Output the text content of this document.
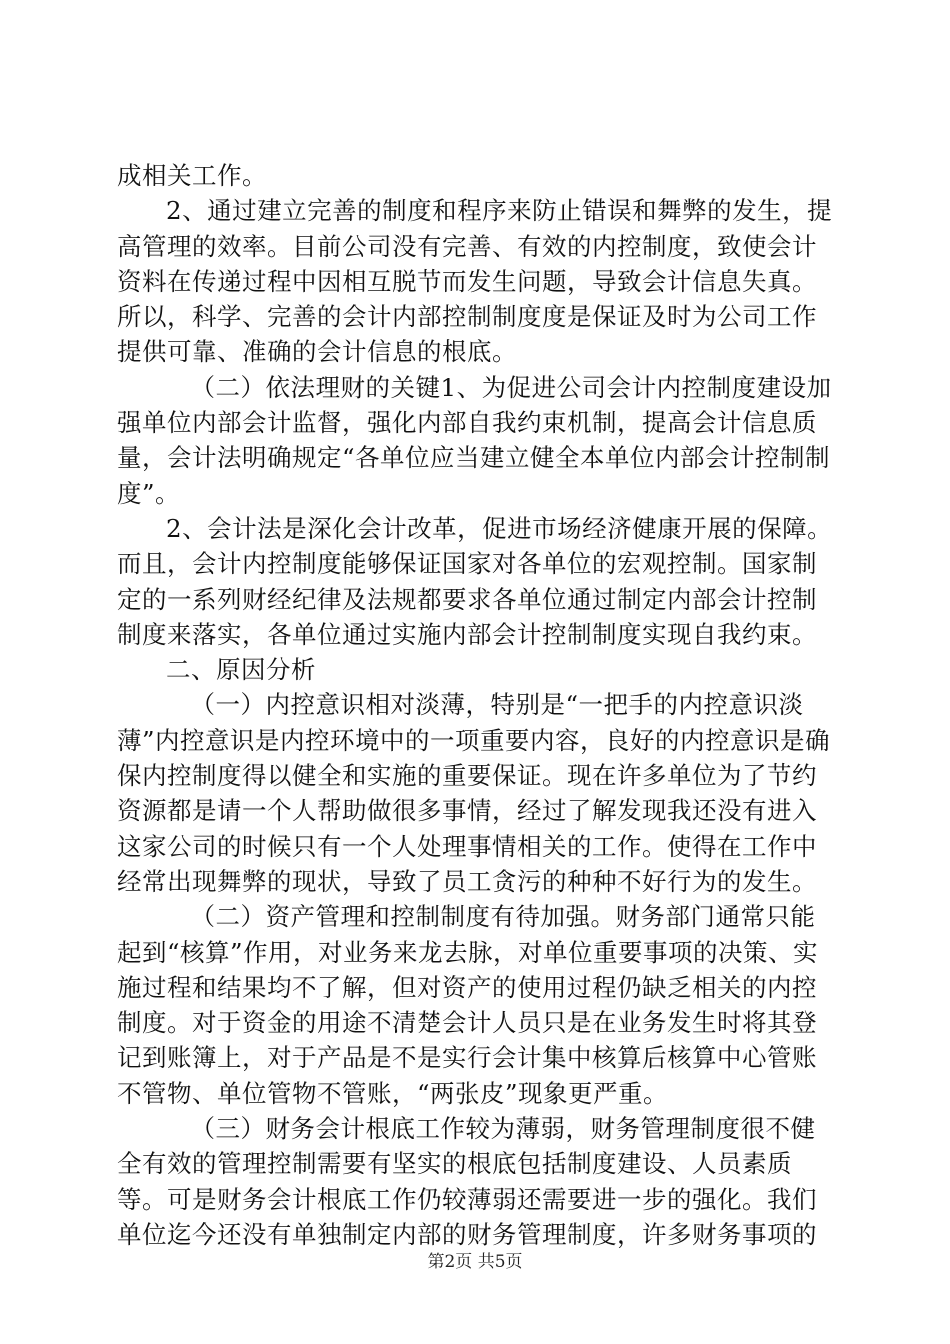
成相关工作。

2、通过建立完善的制度和程序来防止错误和舞弊的发生，提高管理的效率。目前公司没有完善、有效的内控制度，致使会计资料在传递过程中因相互脱节而发生问题，导致会计信息失真。所以，科学、完善的会计内部控制制度度是保证及时为公司工作提供可靠、准确的会计信息的根底。

（二）依法理财的关键1、为促进公司会计内控制度建设加强单位内部会计监督，强化内部自我约束机制，提高会计信息质量，会计法明确规定“各单位应当建立健全本单位内部会计控制制度”。

2、会计法是深化会计改革，促进市场经济健康开展的保障。而且，会计内控制度能够保证国家对各单位的宏观控制。国家制定的一系列财经纪律及法规都要求各单位通过制定内部会计控制制度来落实，各单位通过实施内部会计控制制度实现自我约束。

二、原因分析

（一）内控意识相对淡薄，特别是“一把手的内控意识淡薄”内控意识是内控环境中的一项重要内容，良好的内控意识是确保内控制度得以健全和实施的重要保证。现在许多单位为了节约资源都是请一个人帮助做很多事情，经过了解发现我还没有进入这家公司的时候只有一个人处理事情相关的工作。使得在工作中经常出现舞弊的现状，导致了员工贪污的种种不好行为的发生。

（二）资产管理和控制制度有待加强。财务部门通常只能起到“核算”作用，对业务来龙去脉，对单位重要事项的决策、实施过程和结果均不了解，但对资产的使用过程仍缺乏相关的内控制度。对于资金的用途不清楚会计人员只是在业务发生时将其登记到账簿上，对于产品是不是实行会计集中核算后核算中心管账不管物、单位管物不管账，“两张皮”现象更严重。

（三）财务会计根底工作较为薄弱，财务管理制度很不健全有效的管理控制需要有坚实的根底包括制度建设、人员素质等。可是财务会计根底工作仍较薄弱还需要进一步的强化。我们单位迄今还没有单独制定内部的财务管理制度，许多财务事项的

第2页 共5页
